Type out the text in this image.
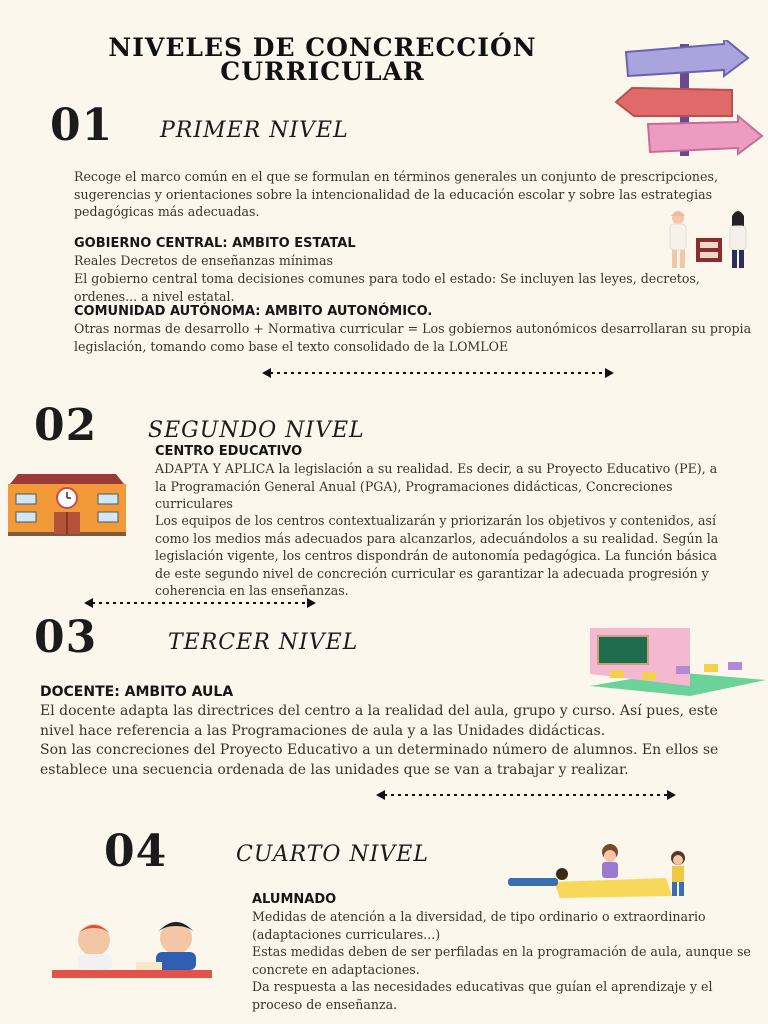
NIVELES DE CONCRECCIÓN
CURRICULAR
01 PRIMER NIVEL
Recoge el marco común en el que se formulan en términos generales un conjunto de prescripciones, sugerencias y orientaciones sobre la intencionalidad de la educación escolar y sobre las estrategias pedagógicas más adecuadas.
GOBIERNO CENTRAL: AMBITO ESTATAL
Reales Decretos de enseñanzas mínimas
El gobierno central toma decisiones comunes para todo el estado: Se incluyen las leyes, decretos, ordenes... a nivel estatal.
COMUNIDAD AUTÓNOMA: AMBITO AUTONÓMICO.
Otras normas de desarrollo + Normativa curricular = Los gobiernos autonómicos desarrollaran su propia legislación, tomando como base el texto consolidado de la LOMLOE
02 SEGUNDO NIVEL
CENTRO EDUCATIVO
ADAPTA Y APLICA la legislación a su realidad. Es decir, a su Proyecto Educativo (PE), a la Programación General Anual (PGA), Programaciones didácticas, Concreciones curriculares
Los equipos de los centros contextualizarán y priorizarán los objetivos y contenidos, así como los medios más adecuados para alcanzarlos, adecuándolos a su realidad. Según la legislación vigente, los centros dispondrán de autonomía pedagógica. La función básica de este segundo nivel de concreción curricular es garantizar la adecuada progresión y coherencia en las enseñanzas.
03	TERCER NIVEL
DOCENTE: AMBITO AULA
El docente adapta las directrices del centro a la realidad del aula, grupo y curso. Así pues, este nivel hace referencia a las Programaciones de aula y a las Unidades didácticas.
Son las concreciones del Proyecto Educativo a un determinado número de alumnos. En ellos se establece una secuencia ordenada de las unidades que se van a trabajar y realizar.
04	CUARTO NIVEL
ALUMNADO
Medidas de atención a la diversidad, de tipo ordinario o extraordinario (adaptaciones curriculares...)
Estas medidas deben de ser perfiladas en la programación de aula, aunque se concrete en adaptaciones.
Da respuesta a las necesidades educativas que guían el aprendizaje y el proceso de enseñanza.
